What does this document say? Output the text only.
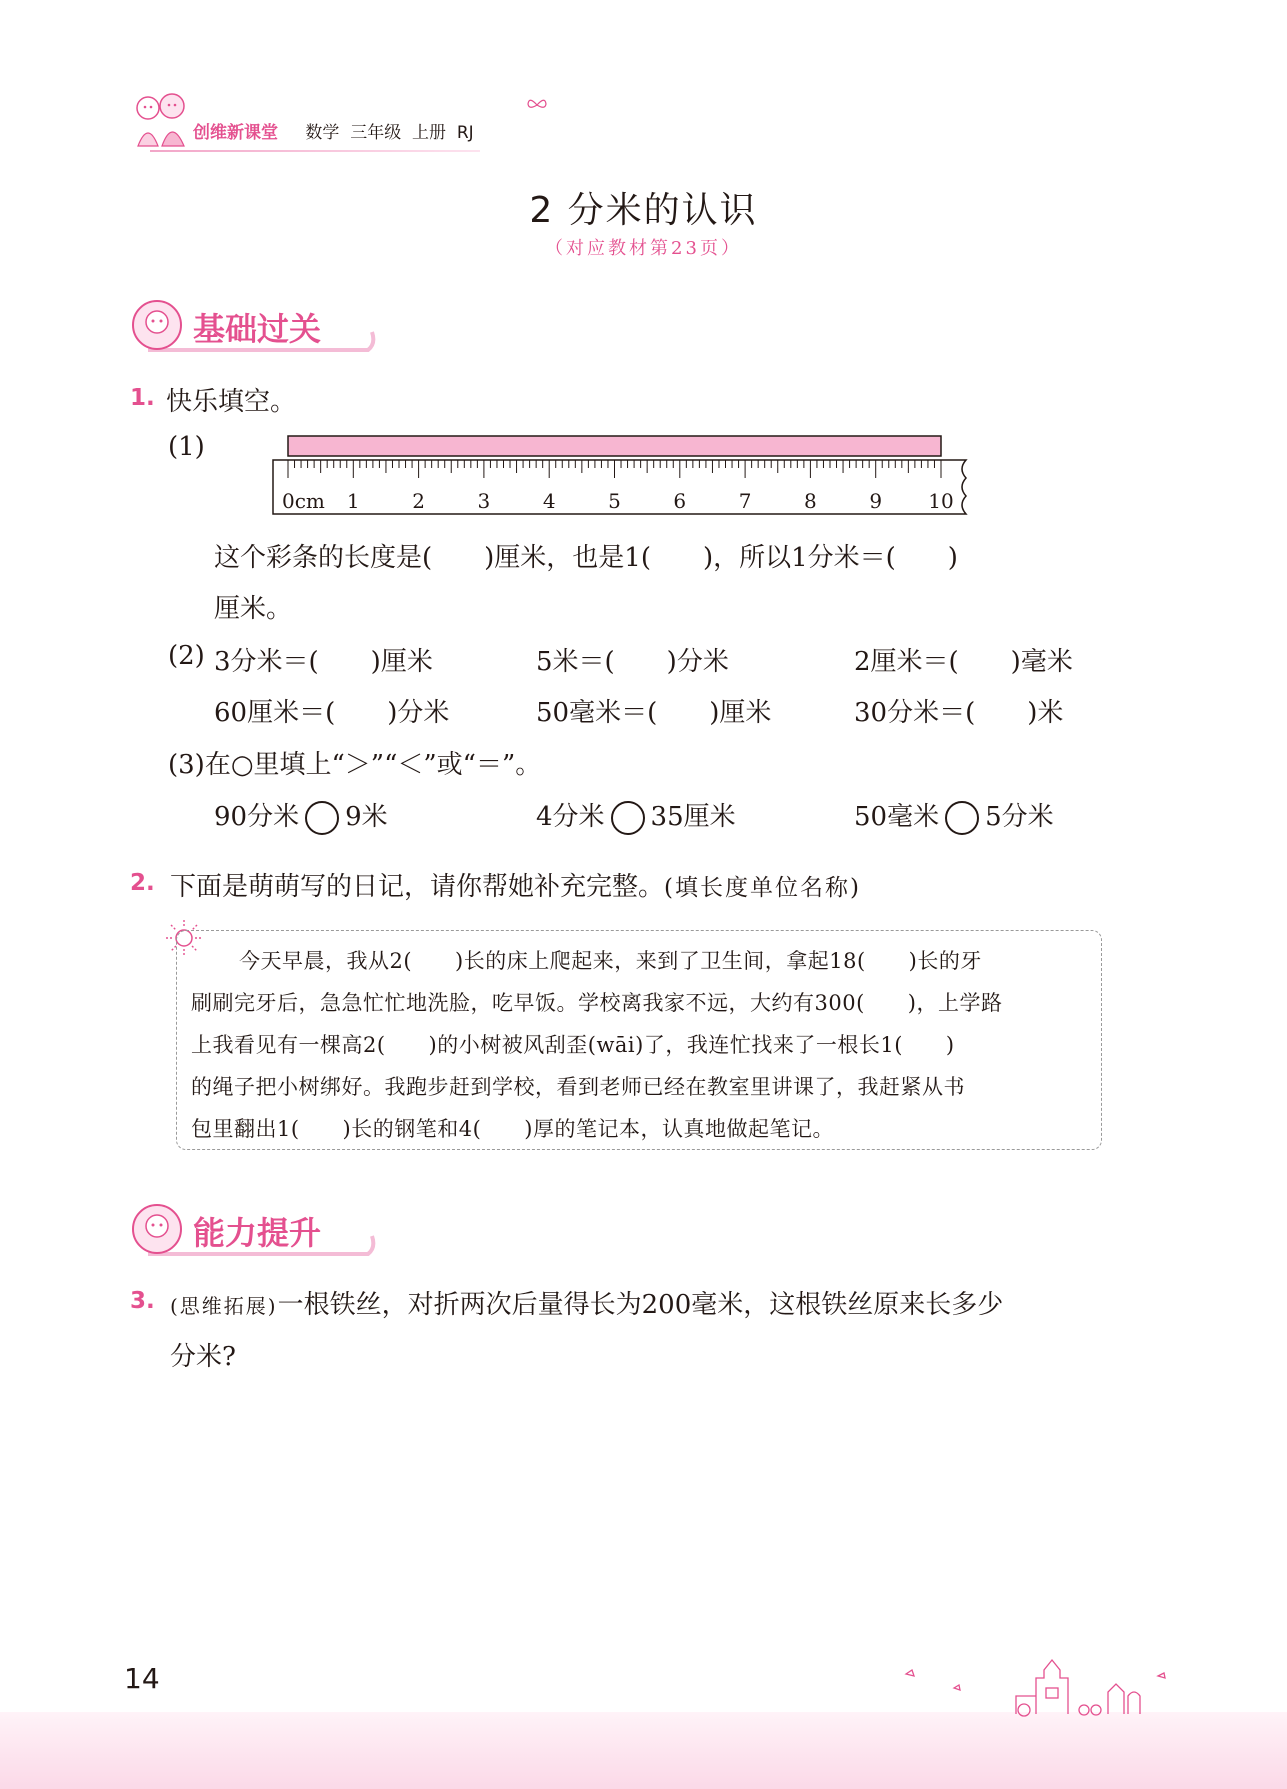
创维新课堂 数学 三年级 上册 RJ
2 分米的认识
（对应教材第23页）
基础过关
1. 快乐填空。
(1)
0cm 1	2	3	4	5	6	7	8	9 10
这个彩条的长度是(　　)厘米，也是1(　　)，所以1分米＝(　　)
厘米。
(2) 3分米＝(　　)厘米	5米＝(　　)分米	2厘米＝(　　)毫米
60厘米＝(　　)分米	50毫米＝(　　)厘米	30分米＝(　　)米
(3)在○里填上“＞”“＜”或“＝”。
90分米 9米	4分米 35厘米	50毫米 5分米
2. 下面是萌萌写的日记，请你帮她补充完整。(填长度单位名称)
今天早晨，我从2(　　)长的床上爬起来，来到了卫生间，拿起18(　　)长的牙
刷刷完牙后，急急忙忙地洗脸，吃早饭。学校离我家不远，大约有300(　　)，上学路
上我看见有一棵高2(　　)的小树被风刮歪(wāi)了，我连忙找来了一根长1(　　)
的绳子把小树绑好。我跑步赶到学校，看到老师已经在教室里讲课了，我赶紧从书
包里翻出1(　　)长的钢笔和4(　　)厚的笔记本，认真地做起笔记。
能力提升
3. (思维拓展)一根铁丝，对折两次后量得长为200毫米，这根铁丝原来长多少
分米?
14
